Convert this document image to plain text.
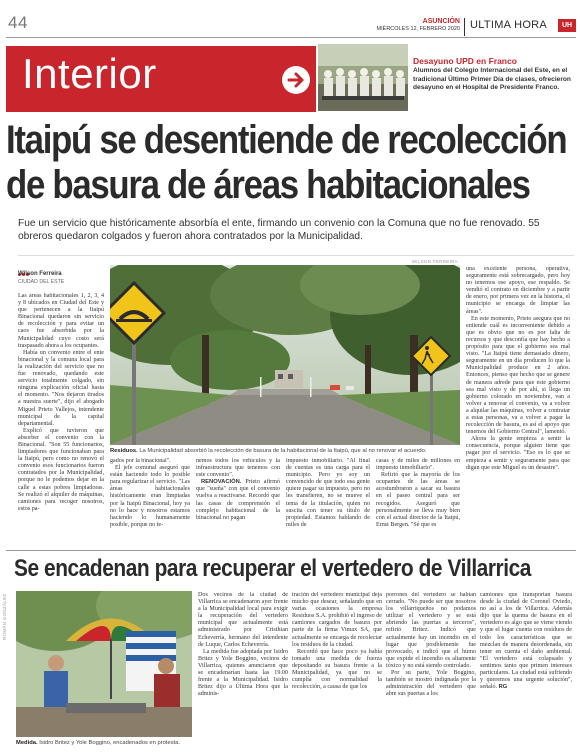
44	ASUNCIÓN
MIÉRCOLES 12, FEBRERO 2020 ULTIMA HORA	UH
Interior	Desayuno UPD en Franco
Alumnos del Colegio Internacional del Este, en el tradicional Último Primer Día de clases, ofrecieron desayuno en el Hospital de Presidente Franco.
Itaipú se desentiende de recolección
de basura de áreas habitacionales
Fue un servicio que históricamente absorbía el ente, firmando un convenio con la Comuna que no fue renovado. 55 obreros quedaron colgados y fueron ahora contratados por la Municipalidad.
Wilson Ferreira
CIUDAD DEL ESTE
WILSON FERREIRA
Residuos. La Municipalidad absorbió la recolección de basura de la habitacional de la Itaipú, que al no renovar el acuerdo.

Las áreas habitacionales 1, 2, 3, 4 y 8 ubicados en Ciudad del Este y que pertenecen a la Itaipú Binacional quedaron sin servicio de recolección y para evitar un caos fue absorbida por la Municipalidad cuyo costo será traspasado ahora a los ocupantes.

Había un convenio entre el ente binacional y la comuna local para la realización del servicio que no fue renovado, quedando este servicio totalmente colgado, sin ninguna explicación oficial hasta el momento. "Nos dejaron tirados a nuestra suerte", dijo el abogado Miguel Prieto Vallejos, intendente municipal de la capital departamental.

Explicó que tuvieron que absorber el convenio con la Binacional. "Son 55 funcionarios, limpiadores que funcionaban para la Itaipú, pero como no renovó el convenio esos funcionarios fueron contratados por la Municipalidad, porque no le podemos dejar en la calle a estas pobres limpiadoras. Se realizó el alquiler de máquinas, camiones para recoger nosotros, estos pa-

gados por la binacional".

El jefe comunal aseguró que están haciendo todo lo posible para regularizar el servicio. "Las áreas habitacionales históricamente eran limpiadas por la Itaipú Binacional, hoy ya no lo hace y nosotros estamos haciendo lo humanamente posible, porque no te-

nemos todos los vehículos y la infraestructura que tenemos con este convenio".

RENOVACIÓN. Prieto afirmó que "sueña" con que el convenio vuelva a reactivarse. Recordó que las casas de comprensión el complejo habitacional de la binacional no pagan

impuesto inmobiliario. "Al final de cuentas es una carga para el municipio. Pero yo soy un convencido de que todo esa gente quiere pagar su impuesto, pero no les transfieren, no se mueve el tema de la titulación, quien no suscita con tener su título de propiedad. Estamos hablando de miles de

casas y de miles de millones en impuesto inmobiliario".

Refirió que la mayoría de los ocupantes de las áreas se acostumbraron a sacar su basura en el paseo central para ser recogidos. Aseguró que personalmente se lleva muy bien con el actual director de la Itaipú, Ernst Bergen. "Sé que es

una excelente persona, operativa, seguramente está sobrecargado, pero hoy no tenemos ese apoyo, ese respaldo. Se vendió el contrato en diciembre y a partir de enero, por primera vez en la historia, el municipio se encarga de limpiar las áreas".

En este momento, Prieto asegura que no entiende cuál es inconveniente debido a que es obvio que no es por falta de recursos y que desconfía que hay hecho a propósito para que el gobierno sea mal visto. "La Itaipú tiene demasiado dinero, seguramente en un día producen lo que la Municipalidad produce en 2 años. Entonces, pienso que hecho que se genere de manera adrede para que este gobierno sea mal visto y de por ahí, si llega un gobierno colorado en noviembre, van a volver a renovar el convenio, va a volver a alquilar las máquinas, volver a contratar a estas personas, va a volver a pagar la recolección de basura, es así el apoyo que tenemos del Gobierno Central", lamentó.

Ahora la gente empieza a sentir la consecuencia, porque alguien tiene que pagar por el servicio. "Eso es lo que se empieza a sentir y seguramente para que digan que este Miguel es un desastre".

Se encadenan para recuperar el vertedero de Villarrica
ROMÁN GONZÁLEZ
Medida. Isidro Britez y Yole Boggino, encadenados en protesta.

Dos vecinos de la ciudad de Villarrica se encadenaron ayer frente a la Municipalidad local para exigir la recuperación del vertedero municipal que actualmente está administrado por Cristhian Echeverría, hermano del intendente de Luque, Carlos Echeverría.

La medida fue adoptada por Isidro Britez y Yole Boggino, vecinos de Villarrica, quienes anunciaron que se encadenarían hasta las 19.00 frente a la Municipalidad. Isidro Britez dijo a Última Hora que la adminis-

tración del vertedero municipal deja mucho que desear, señalando que en varias ocasiones la empresa Residuos S.A. prohibió el ingreso de camiones cargados de basura por parte de la firma Vimax SA, que actualmente se encarga de recolectar los residuos de la ciudad.

Recordó que hace poco ya había tomado una medida de fuerza depositando su basura frente a la Municipalidad, ya que no se cumplía con normalidad la recolección, a causa de que los

porrones del vertedero se habían cerrado. "No puede ser que nosotros los villarriqueños no podamos utilizar el vertedero y se está abriendo las puertas a terceros", refirió Britez. Indicó que actualmente hay un incendio en el lugar que posiblemente fue provocado, e indicó que el humo que expide el incendio es altamente tóxico y no está siendo controlado.

Por su parte, Yole Boggino, también se mostró indignada por la administración del vertedero que abre sus puertas a los

camiones que transportan basura desde la ciudad de Coronel Oviedo, no así a los de Villarrica. Además dijo que la quema de basura en el vertedero es algo que se viene viendo y que el lugar cuenta con residuos de todo los características que se mezclan de manera desordenada, sin tener en cuenta el daño ambiental. "El vertedero está colapsado y sentimos tanto que primen intereses particulares. La ciudad está sufriendo y queremos una urgente solución", señaló. RG
